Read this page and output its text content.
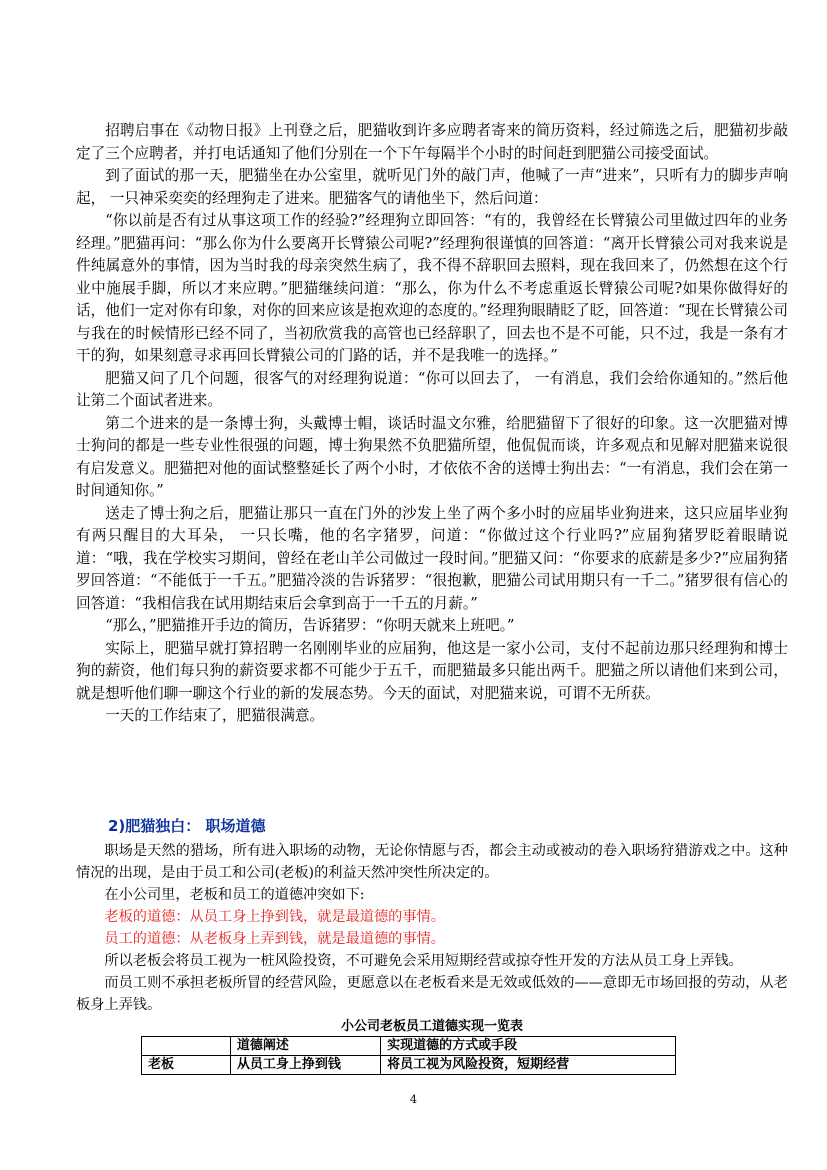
招聘启事在《动物日报》上刊登之后，肥猫收到许多应聘者寄来的简历资料，经过筛选之后，肥猫初步敲定了三个应聘者，并打电话通知了他们分别在一个下午每隔半个小时的时间赶到肥猫公司接受面试。

到了面试的那一天，肥猫坐在办公室里，就听见门外的敲门声，他喊了一声“进来”，只听有力的脚步声响起， 一只神采奕奕的经理狗走了进来。肥猫客气的请他坐下，然后问道：

“你以前是否有过从事这项工作的经验?”经理狗立即回答：“有的，我曾经在长臂猿公司里做过四年的业务经理。”肥猫再问：“那么你为什么要离开长臂猿公司呢?”经理狗很谨慎的回答道：“离开长臂猿公司对我来说是件纯属意外的事情，因为当时我的母亲突然生病了，我不得不辞职回去照料，现在我回来了，仍然想在这个行业中施展手脚，所以才来应聘。”肥猫继续问道：“那么，你为什么不考虑重返长臂猿公司呢?如果你做得好的话，他们一定对你有印象，对你的回来应该是抱欢迎的态度的。”经理狗眼睛眨了眨，回答道：“现在长臂猿公司与我在的时候情形已经不同了，当初欣赏我的高管也已经辞职了，回去也不是不可能，只不过，我是一条有才干的狗，如果刻意寻求再回长臂猿公司的门路的话，并不是我唯一的选择。”

肥猫又问了几个问题，很客气的对经理狗说道：“你可以回去了， 一有消息，我们会给你通知的。”然后他让第二个面试者进来。

第二个进来的是一条博士狗，头戴博士帽，谈话时温文尔雅，给肥猫留下了很好的印象。这一次肥猫对博士狗问的都是一些专业性很强的问题，博士狗果然不负肥猫所望，他侃侃而谈，许多观点和见解对肥猫来说很有启发意义。肥猫把对他的面试整整延长了两个小时，才依依不舍的送博士狗出去：“一有消息，我们会在第一时间通知你。”

送走了博士狗之后，肥猫让那只一直在门外的沙发上坐了两个多小时的应届毕业狗进来，这只应届毕业狗有两只醒目的大耳朵， 一只长嘴，他的名字猪罗，问道：“你做过这个行业吗?”应届狗猪罗眨着眼睛说道：“哦，我在学校实习期间，曾经在老山羊公司做过一段时间。”肥猫又问：“你要求的底薪是多少?”应届狗猪罗回答道：“不能低于一千五。”肥猫冷淡的告诉猪罗：“很抱歉，肥猫公司试用期只有一千二。”猪罗很有信心的回答道：“我相信我在试用期结束后会拿到高于一千五的月薪。”

“那么，”肥猫推开手边的简历，告诉猪罗：“你明天就来上班吧。”

实际上，肥猫早就打算招聘一名刚刚毕业的应届狗，他这是一家小公司，支付不起前边那只经理狗和博士狗的薪资，他们每只狗的薪资要求都不可能少于五千，而肥猫最多只能出两千。肥猫之所以请他们来到公司，就是想听他们聊一聊这个行业的新的发展态势。今天的面试，对肥猫来说，可谓不无所获。

一天的工作结束了，肥猫很满意。

2)肥猫独白： 职场道德

职场是天然的猎场，所有进入职场的动物，无论你情愿与否，都会主动或被动的卷入职场狩猎游戏之中。这种情况的出现，是由于员工和公司(老板)的利益天然冲突性所决定的。

在小公司里，老板和员工的道德冲突如下:

老板的道德：从员工身上挣到钱，就是最道德的事情。

员工的道德：从老板身上弄到钱，就是最道德的事情。

所以老板会将员工视为一桩风险投资，不可避免会采用短期经营或掠夺性开发的方法从员工身上弄钱。

而员工则不承担老板所冒的经营风险，更愿意以在老板看来是无效或低效的——意即无市场回报的劳动，从老板身上弄钱。

小公司老板员工道德实现一览表
	道德阐述	实现道德的方式或手段
老板	从员工身上挣到钱	将员工视为风险投资，短期经营
4
